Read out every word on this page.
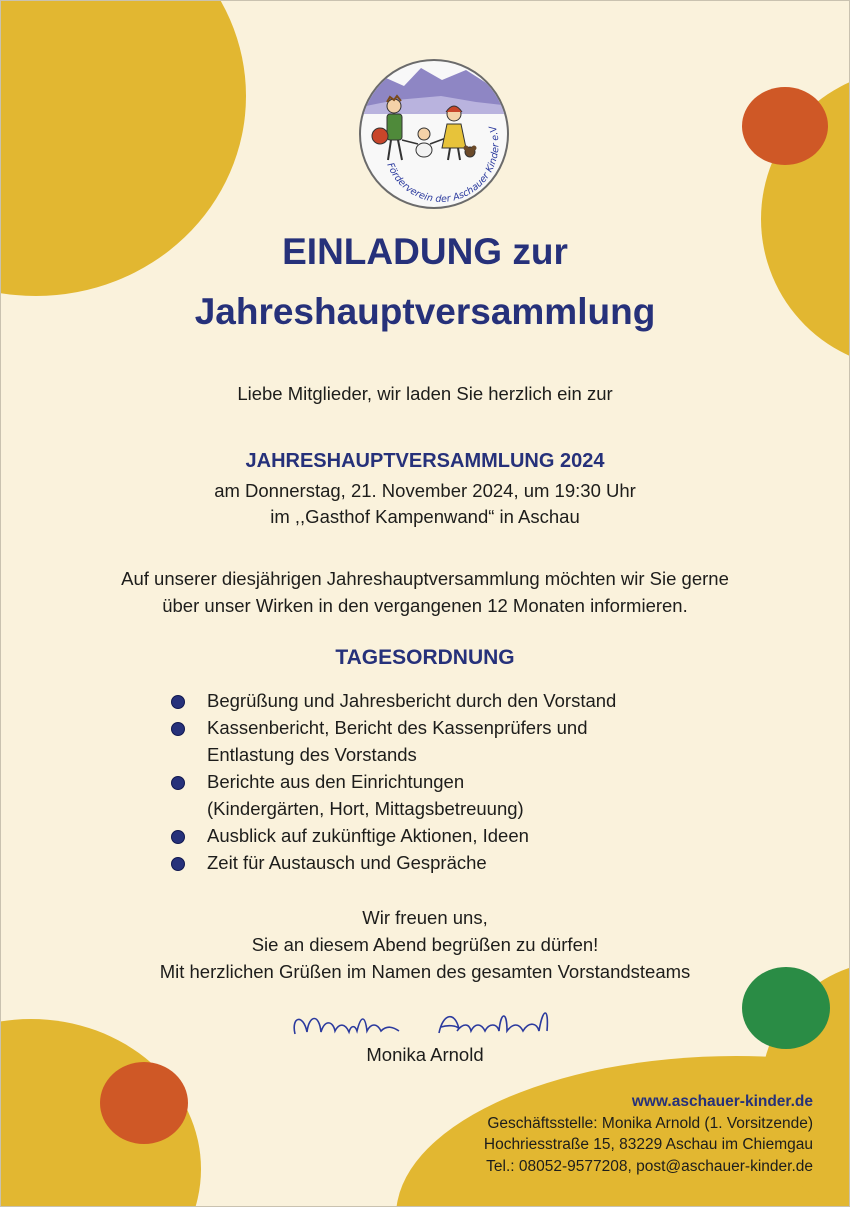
Förderverein der Aschauer Kinder e.V
EINLADUNG zur
Jahreshauptversammlung
Liebe Mitglieder, wir laden Sie herzlich ein zur
JAHRESHAUPTVERSAMMLUNG 2024
am Donnerstag, 21. November 2024, um 19:30 Uhr
im ,,Gasthof Kampenwand“ in Aschau
Auf unserer diesjährigen Jahreshauptversammlung möchten wir Sie gerne
über unser Wirken in den vergangenen 12 Monaten informieren.
TAGESORDNUNG
Begrüßung und Jahresbericht durch den Vorstand
Kassenbericht, Bericht des Kassenprüfers und
Entlastung des Vorstands
Berichte aus den Einrichtungen
(Kindergärten, Hort, Mittagsbetreuung)
Ausblick auf zukünftige Aktionen, Ideen
Zeit für Austausch und Gespräche
Wir freuen uns,
Sie an diesem Abend begrüßen zu dürfen!
Mit herzlichen Grüßen im Namen des gesamten Vorstandsteams
Monika Arnold
Monika Arnold
www.aschauer-kinder.de
Geschäftsstelle: Monika Arnold (1. Vorsitzende)
Hochriesstraße 15, 83229 Aschau im Chiemgau
Tel.: 08052-9577208, post@aschauer-kinder.de
